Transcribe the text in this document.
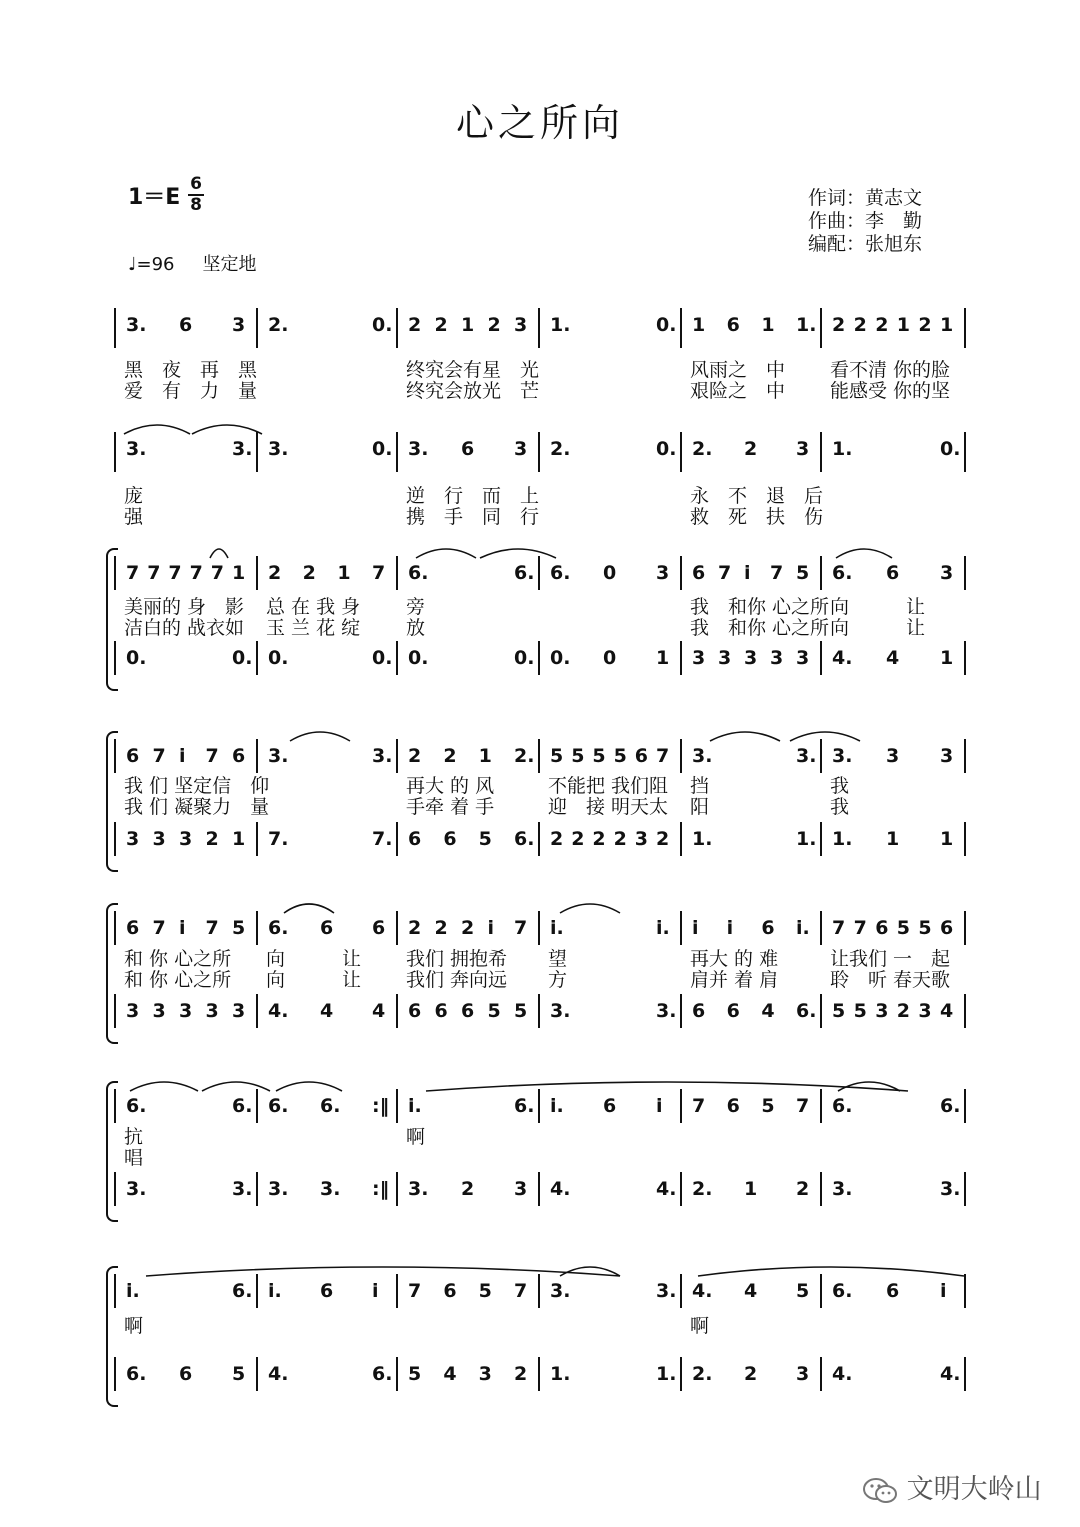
心之所向
1＝E
6
8
♩=96 坚定地
作词：黄志文
作曲：李　勤
编配：张旭东
3. 6 3 2.	0. 2 2 1 2 3 1.	0. 1 6 1 1. 2 2 2 1 2 1
黑　夜　再　黑	终究会有星　光	风雨之　中 看不清 你的脸
爱　有　力　量	终究会放光　芒	艰险之　中 能感受 你的坚
3.	3. 3.	0. 3. 6 3 2.	0. 2. 2 3 1.	0.
庞	逆　行　而　上	永　不　退　后
强	携　手　同　行	救　死　扶　伤
7 7 7 7 7 1 2 2 1 7 6.	6. 6. 0 3 6 7 i 7 5 6. 6 3
美丽的 身　影 总 在 我 身 旁	我　和你 心之所 向　　　让
洁白的 战衣如 玉 兰 花 绽 放	我　和你 心之所 向　　　让
0.	0. 0.	0. 0.	0. 0. 0 1 3 3 3 3 3 4. 4 1
6 7 i 7 6 3.	3. 2 2 1 2. 5 5 5 5 6 7 3.	3. 3. 3 3
我 们 坚定信　仰	再大 的 风	不能把 我们阻 挡	我
我 们 凝聚力　量	手牵 着 手	迎　接 明天太 阳	我
3 3 3 2 1 7.	7. 6 6 5 6. 2 2 2 2 3 2 1.	1. 1. 1 1
6 7 i 7 5 6. 6 6 2 2 2 i 7 i.	i. i i 6 i. 7 7 6 5 5 6
和 你 心之所 向　　　让 我们 拥抱希 望	再大 的 难	让我们 一　起
和 你 心之所 向　　　让 我们 奔向远 方	肩并 着 肩	聆　听 春天歌
3 3 3 3 3 4. 4 4 6 6 6 5 5 3.	3. 6 6 4 6. 5 5 3 2 3 4
6.	6. 6. 6. :‖ i.	6. i. 6 i 7 6 5 7 6.	6.
抗	啊
唱
3.	3. 3. 3. :‖ 3. 2 3 4.	4. 2. 1 2 3.	3.
i.	6. i. 6 i 7 6 5 7 3.	3. 4. 4 5 6. 6 i
啊	啊
6. 6 5 4.	6. 5 4 3 2 1.	1. 2. 2 3 4.	4.
文明大岭山
